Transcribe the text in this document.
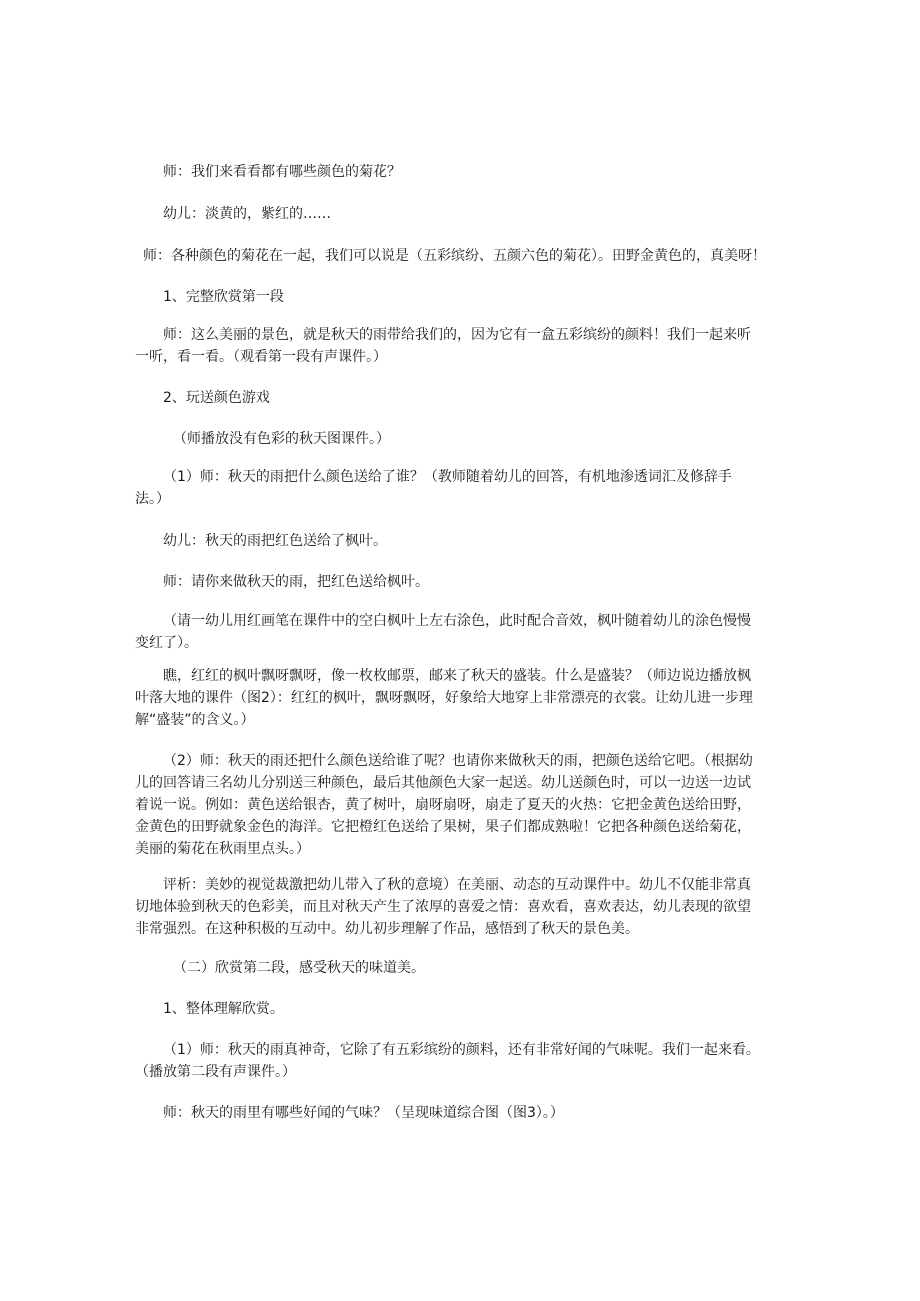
师：我们来看看都有哪些颜色的菊花？

幼儿：淡黄的，紫红的……

师：各种颜色的菊花在一起，我们可以说是（五彩缤纷、五颜六色的菊花）。田野金黄色的，真美呀！

1、完整欣赏第一段

师：这么美丽的景色，就是秋天的雨带给我们的，因为它有一盒五彩缤纷的颜料！我们一起来听
一听，看一看。（观看第一段有声课件。）

2、玩送颜色游戏

（师播放没有色彩的秋天图课件。）

（1）师：秋天的雨把什么颜色送给了谁？（教师随着幼儿的回答，有机地渗透词汇及修辞手
法。）

幼儿：秋天的雨把红色送给了枫叶。

师：请你来做秋天的雨，把红色送给枫叶。

（请一幼儿用红画笔在课件中的空白枫叶上左右涂色，此时配合音效，枫叶随着幼儿的涂色慢慢
变红了）。

瞧，红红的枫叶飘呀飘呀，像一枚枚邮票，邮来了秋天的盛装。什么是盛装？（师边说边播放枫
叶落大地的课件（图2）：红红的枫叶，飘呀飘呀，好象给大地穿上非常漂亮的衣裳。让幼儿进一步理
解“盛装”的含义。）

（2）师：秋天的雨还把什么颜色送给谁了呢？也请你来做秋天的雨，把颜色送给它吧。（根据幼
儿的回答请三名幼儿分别送三种颜色，最后其他颜色大家一起送。幼儿送颜色时，可以一边送一边试
着说一说。例如：黄色送给银杏，黄了树叶，扇呀扇呀，扇走了夏天的火热：它把金黄色送给田野，
金黄色的田野就象金色的海洋。它把橙红色送给了果树，果子们都成熟啦！它把各种颜色送给菊花，
美丽的菊花在秋雨里点头。）

评析：美妙的视觉裁激把幼儿带入了秋的意境）在美丽、动态的互动课件中。幼儿不仅能非常真
切地体验到秋天的色彩美，而且对秋天产生了浓厚的喜爱之情：喜欢看，喜欢表达，幼儿表现的欲望
非常强烈。在这种积极的互动中。幼儿初步理解了作品，感悟到了秋天的景色美。

（二）欣赏第二段，感受秋天的味道美。

1、整体理解欣赏。

（1）师：秋天的雨真神奇，它除了有五彩缤纷的颜料，还有非常好闻的气味呢。我们一起来看。
（播放第二段有声课件。）

师：秋天的雨里有哪些好闻的气味？（呈现味道综合图（图3）。）
